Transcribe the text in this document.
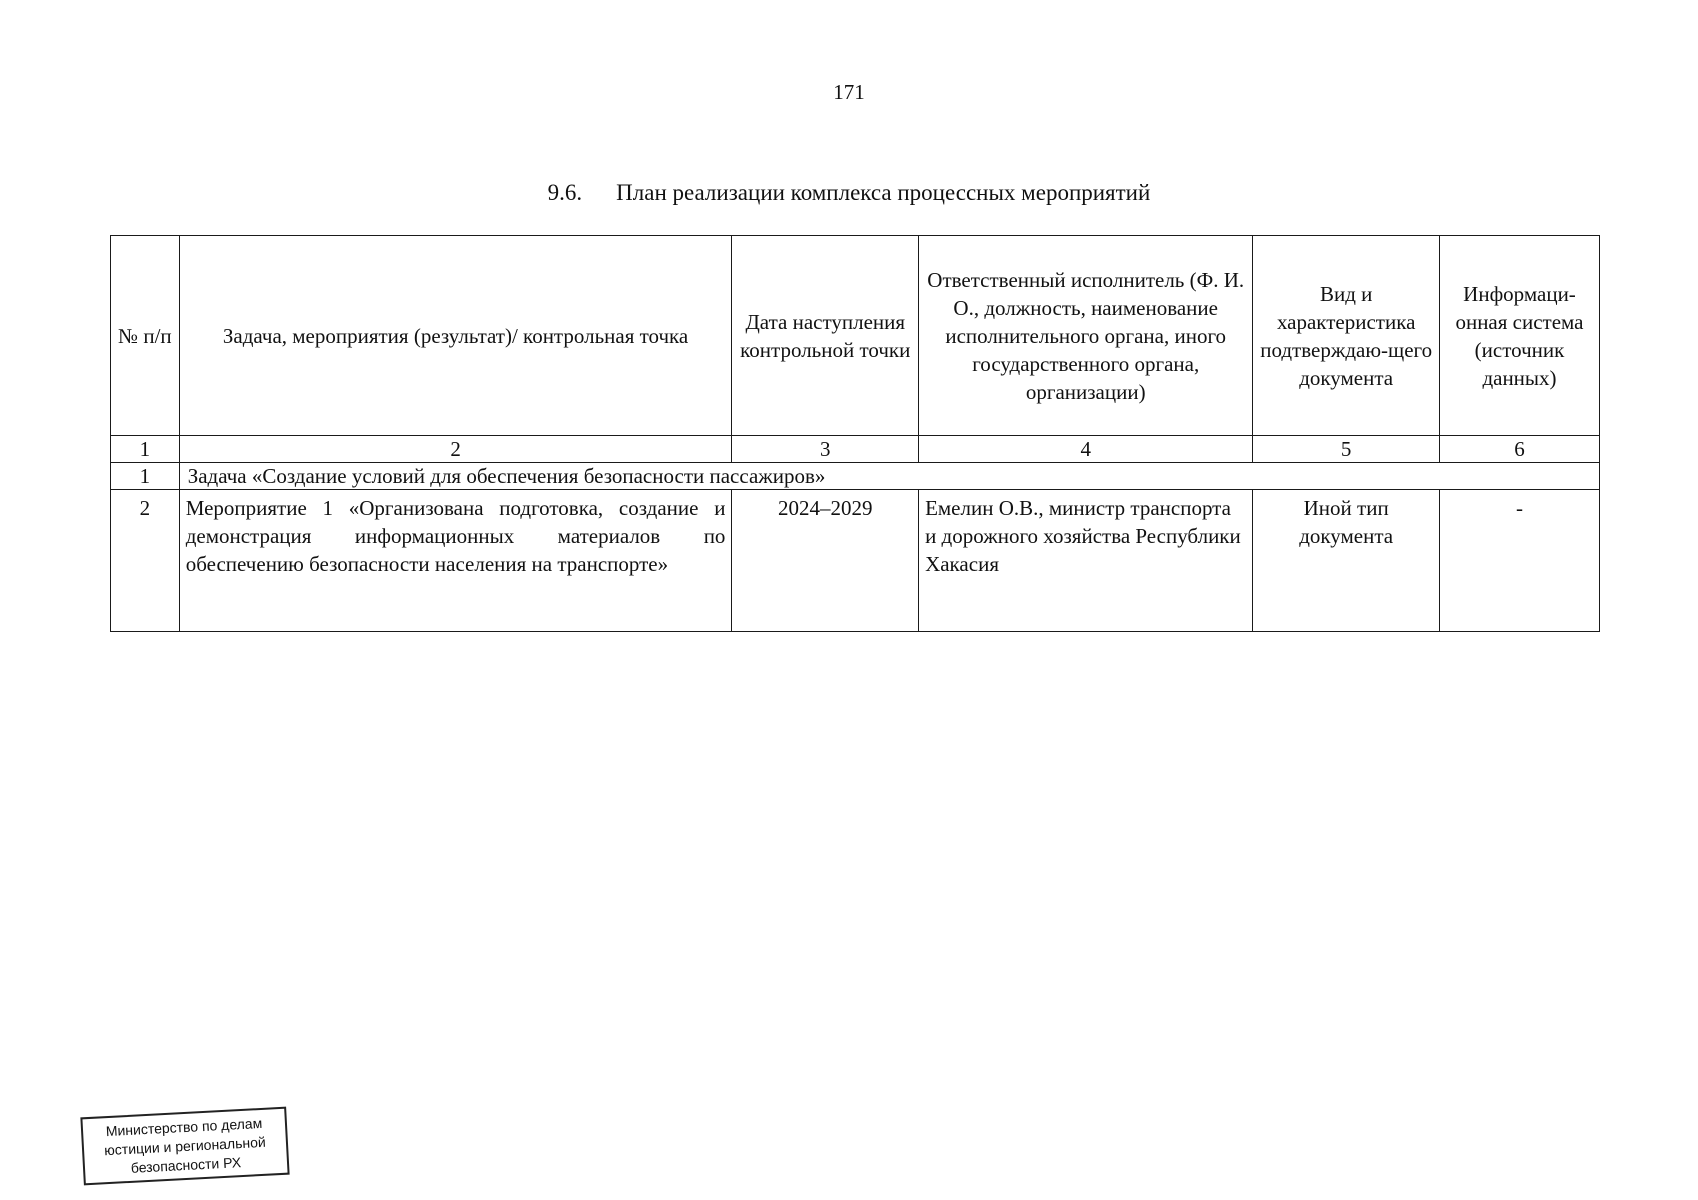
171
9.6. План реализации комплекса процессных мероприятий
№ п/п	Задача, мероприятия (результат)/ контрольная точка	Дата наступления контрольной точки	Ответственный исполнитель (Ф. И. О., должность, наименование исполнительного органа, иного государственного органа, организации)	Вид и характеристика подтверждаю-щего документа	Информаци-онная система (источник данных)
1	2	3	4	5	6
1	Задача «Создание условий для обеспечения безопасности пассажиров»				
2	Мероприятие 1 «Организована подготовка, создание и демонстрация информационных материалов по обеспечению безопасности населения на транспорте»	2024–2029	Емелин О.В., министр транспорта и дорожного хозяйства Республики Хакасия	Иной тип документа	-
Министерство по делам
юстиции и региональной
безопасности РХ
